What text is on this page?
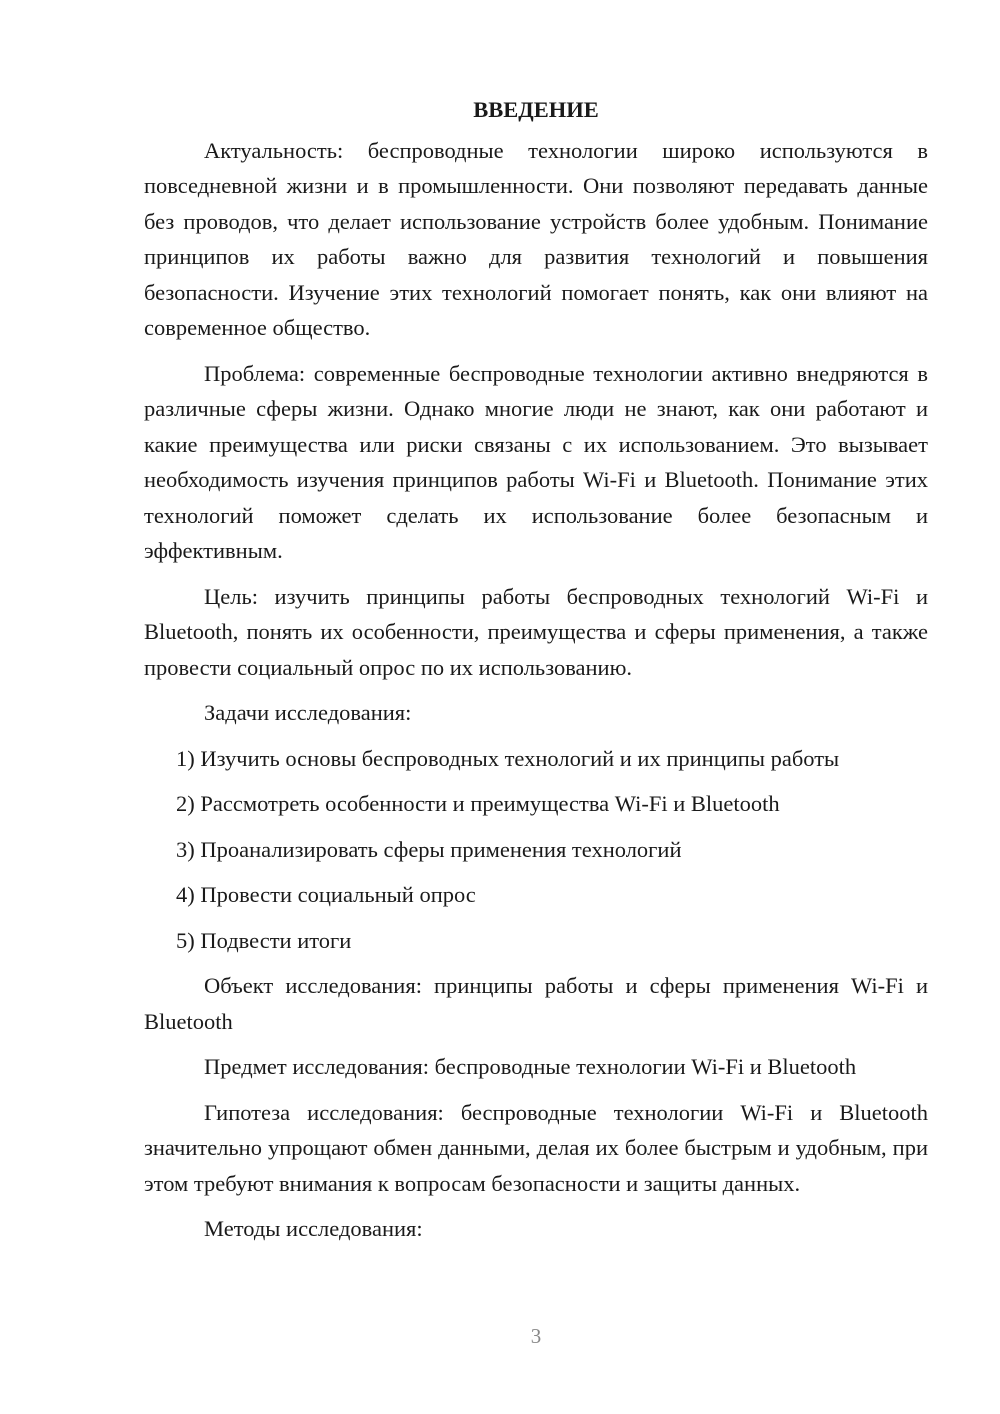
ВВЕДЕНИЕ

Актуальность: беспроводные технологии широко используются в повседневной жизни и в промышленности. Они позволяют передавать данные без проводов, что делает использование устройств более удобным. Понимание принципов их работы важно для развития технологий и повышения безопасности. Изучение этих технологий помогает понять, как они влияют на современное общество.

Проблема: современные беспроводные технологии активно внедряются в различные сферы жизни. Однако многие люди не знают, как они работают и какие преимущества или риски связаны с их использованием. Это вызывает необходимость изучения принципов работы Wi-Fi и Bluetooth. Понимание этих технологий поможет сделать их использование более безопасным и эффективным.

Цель: изучить принципы работы беспроводных технологий Wi-Fi и Bluetooth, понять их особенности, преимущества и сферы применения, а также провести социальный опрос по их использованию.

Задачи исследования:

1) Изучить основы беспроводных технологий и их принципы работы
2) Рассмотреть особенности и преимущества Wi-Fi и Bluetooth
3) Проанализировать сферы применения технологий
4) Провести социальный опрос
5) Подвести итоги

Объект исследования: принципы работы и сферы применения Wi-Fi и Bluetooth

Предмет исследования: беспроводные технологии Wi-Fi и Bluetooth

Гипотеза исследования: беспроводные технологии Wi-Fi и Bluetooth значительно упрощают обмен данными, делая их более быстрым и удобным, при этом требуют внимания к вопросам безопасности и защиты данных.

Методы исследования:

3
